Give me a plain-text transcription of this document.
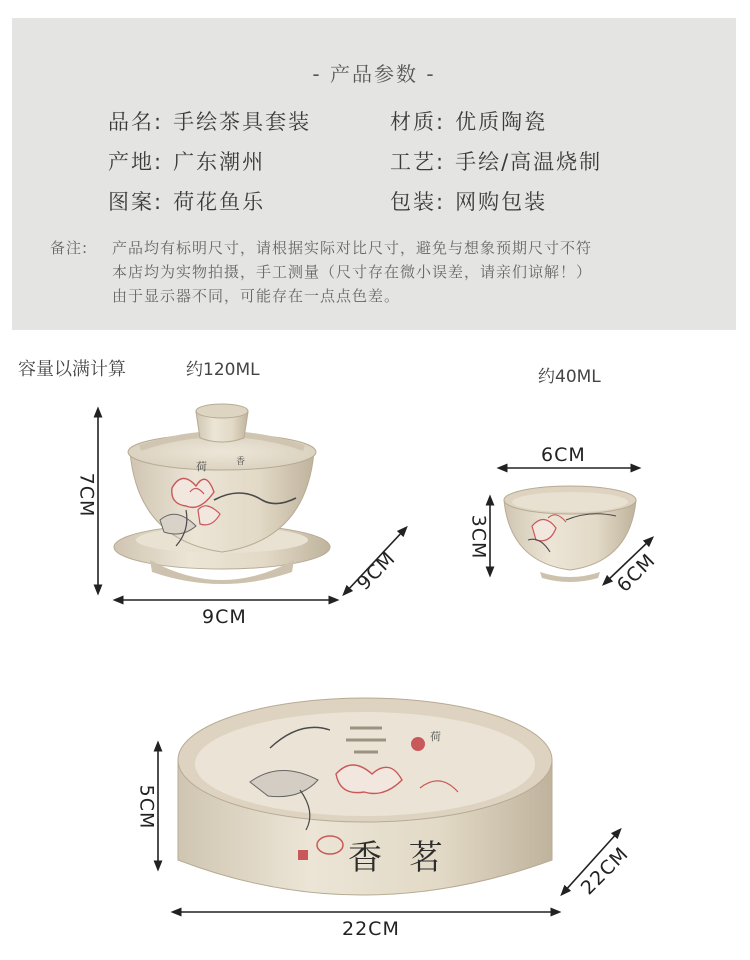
- 产品参数 -
品名: 手绘茶具套装	材质: 优质陶瓷
产地: 广东潮州	工艺: 手绘/高温烧制
图案: 荷花鱼乐	包装: 网购包装
备注: 产品均有标明尺寸，请根据实际对比尺寸，避免与想象预期尺寸不符
本店均为实物拍摄，手工测量（尺寸存在微小误差，请亲们谅解！）
由于显示器不同，可能存在一点点色差。
容量以满计算	约120ML	约40ML
荷	香
荷
香 茗
7CM
9CM
9CM
6CM
3CM
6CM
5CM
22CM
22CM
